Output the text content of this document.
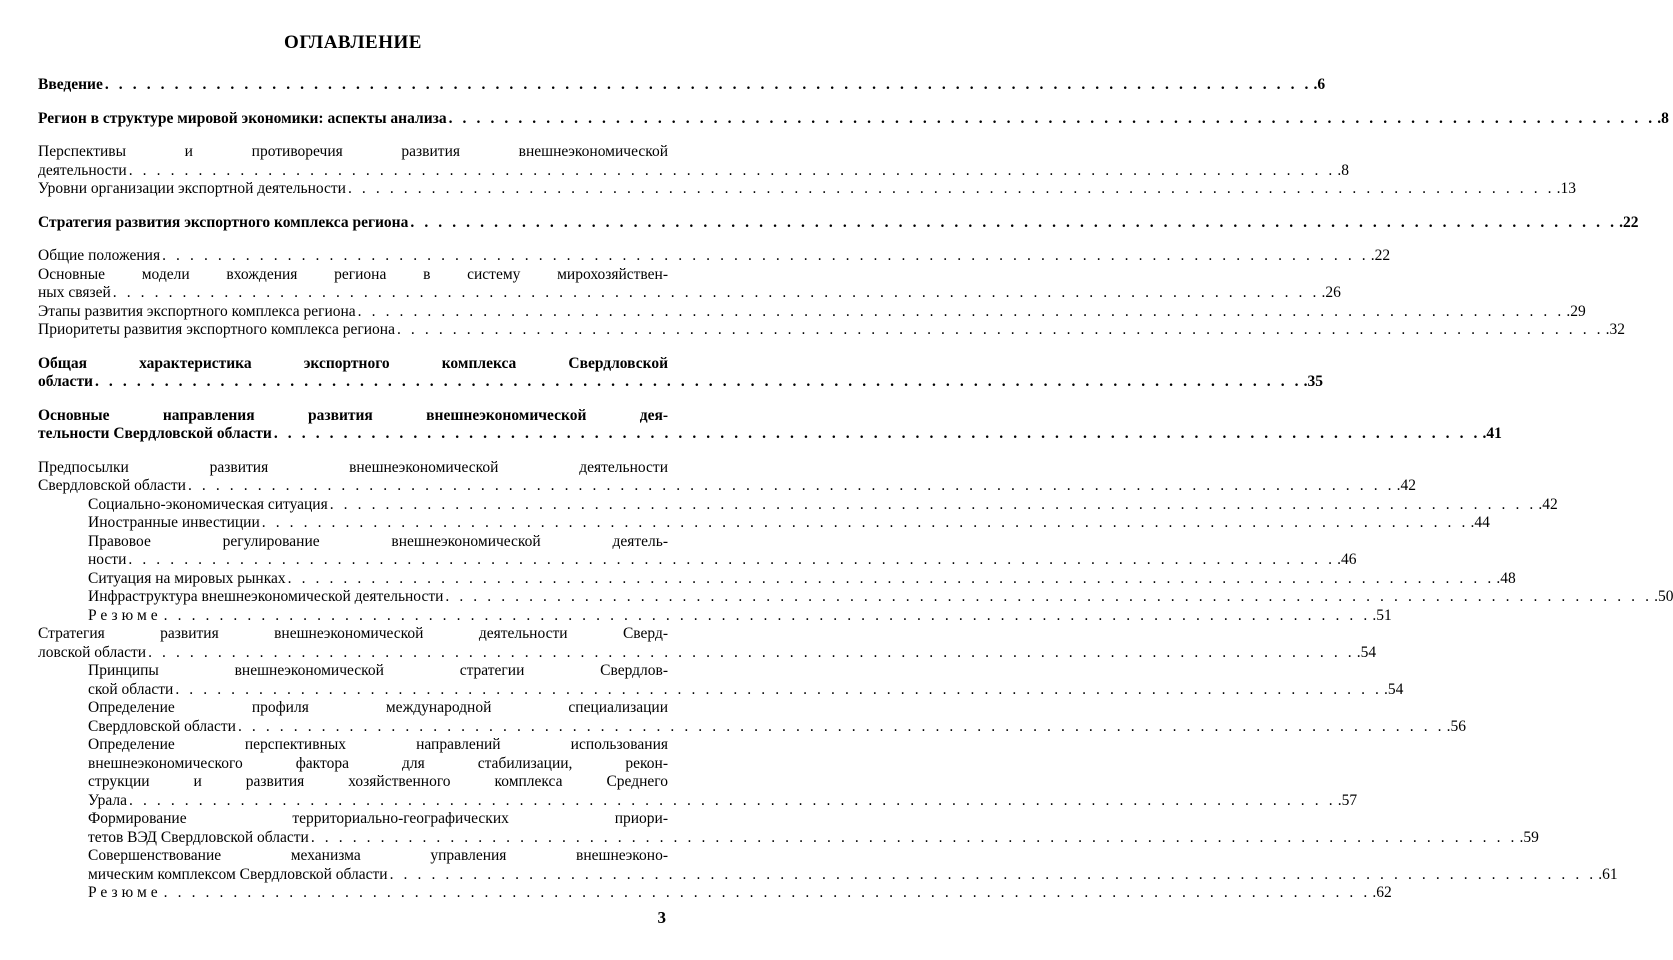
ОГЛАВЛЕНИЕ
Введение . . . . . . . . . . . . . . . . . . . . . . . . . . . . . . . . . . . . . . . . . . . . . . . . . . . . . . . . . . . . . . . . . . . . . . . . . . . . . . . . . . . . . . . .6
Регион в структуре мировой экономики: аспекты анализа . . . . . . . . . . . . . . . . . . . . . . . . . . . . . . . . . . . . . . . . . . . . . . . . . . . . . . . . . . . . . . . . . . . . . . . . . . . . . . . . . . . . . . . .8
Перспективы и противоречия развития внешнеэкономической
деятельности . . . . . . . . . . . . . . . . . . . . . . . . . . . . . . . . . . . . . . . . . . . . . . . . . . . . . . . . . . . . . . . . . . . . . . . . . . . . . . . . . . . . . . . .8
Уровни организации экспортной деятельности . . . . . . . . . . . . . . . . . . . . . . . . . . . . . . . . . . . . . . . . . . . . . . . . . . . . . . . . . . . . . . . . . . . . . . . . . . . . . . . . . . . . . . . .13
Стратегия развития экспортного комплекса региона . . . . . . . . . . . . . . . . . . . . . . . . . . . . . . . . . . . . . . . . . . . . . . . . . . . . . . . . . . . . . . . . . . . . . . . . . . . . . . . . . . . . . . . .22
Общие положения . . . . . . . . . . . . . . . . . . . . . . . . . . . . . . . . . . . . . . . . . . . . . . . . . . . . . . . . . . . . . . . . . . . . . . . . . . . . . . . . . . . . . . . .22
Основные модели вхождения региона в систему мирохозяйствен-
ных связей . . . . . . . . . . . . . . . . . . . . . . . . . . . . . . . . . . . . . . . . . . . . . . . . . . . . . . . . . . . . . . . . . . . . . . . . . . . . . . . . . . . . . . . .26
Этапы развития экспортного комплекса региона . . . . . . . . . . . . . . . . . . . . . . . . . . . . . . . . . . . . . . . . . . . . . . . . . . . . . . . . . . . . . . . . . . . . . . . . . . . . . . . . . . . . . . . .29
Приоритеты развития экспортного комплекса региона . . . . . . . . . . . . . . . . . . . . . . . . . . . . . . . . . . . . . . . . . . . . . . . . . . . . . . . . . . . . . . . . . . . . . . . . . . . . . . . . . . . . . . . .32
Общая характеристика экспортного комплекса Свердловской
области . . . . . . . . . . . . . . . . . . . . . . . . . . . . . . . . . . . . . . . . . . . . . . . . . . . . . . . . . . . . . . . . . . . . . . . . . . . . . . . . . . . . . . . .35
Основные направления развития внешнеэкономической дея-
тельности Свердловской области . . . . . . . . . . . . . . . . . . . . . . . . . . . . . . . . . . . . . . . . . . . . . . . . . . . . . . . . . . . . . . . . . . . . . . . . . . . . . . . . . . . . . . . .41
Предпосылки развития внешнеэкономической деятельности
Свердловской области . . . . . . . . . . . . . . . . . . . . . . . . . . . . . . . . . . . . . . . . . . . . . . . . . . . . . . . . . . . . . . . . . . . . . . . . . . . . . . . . . . . . . . . .42
Социально-экономическая ситуация . . . . . . . . . . . . . . . . . . . . . . . . . . . . . . . . . . . . . . . . . . . . . . . . . . . . . . . . . . . . . . . . . . . . . . . . . . . . . . . . . . . . . . . .42
Иностранные инвестиции . . . . . . . . . . . . . . . . . . . . . . . . . . . . . . . . . . . . . . . . . . . . . . . . . . . . . . . . . . . . . . . . . . . . . . . . . . . . . . . . . . . . . . . .44
Правовое регулирование внешнеэкономической деятель-
ности . . . . . . . . . . . . . . . . . . . . . . . . . . . . . . . . . . . . . . . . . . . . . . . . . . . . . . . . . . . . . . . . . . . . . . . . . . . . . . . . . . . . . . . .46
Ситуация на мировых рынках . . . . . . . . . . . . . . . . . . . . . . . . . . . . . . . . . . . . . . . . . . . . . . . . . . . . . . . . . . . . . . . . . . . . . . . . . . . . . . . . . . . . . . . .48
Инфраструктура внешнеэкономической деятельности . . . . . . . . . . . . . . . . . . . . . . . . . . . . . . . . . . . . . . . . . . . . . . . . . . . . . . . . . . . . . . . . . . . . . . . . . . . . . . . . . . . . . . . .50
Резюме . . . . . . . . . . . . . . . . . . . . . . . . . . . . . . . . . . . . . . . . . . . . . . . . . . . . . . . . . . . . . . . . . . . . . . . . . . . . . . . . . . . . . . . .51
Стратегия развития внешнеэкономической деятельности Сверд-
ловской области . . . . . . . . . . . . . . . . . . . . . . . . . . . . . . . . . . . . . . . . . . . . . . . . . . . . . . . . . . . . . . . . . . . . . . . . . . . . . . . . . . . . . . . .54
Принципы внешнеэкономической стратегии Свердлов-
ской области . . . . . . . . . . . . . . . . . . . . . . . . . . . . . . . . . . . . . . . . . . . . . . . . . . . . . . . . . . . . . . . . . . . . . . . . . . . . . . . . . . . . . . . .54
Определение профиля международной специализации
Свердловской области . . . . . . . . . . . . . . . . . . . . . . . . . . . . . . . . . . . . . . . . . . . . . . . . . . . . . . . . . . . . . . . . . . . . . . . . . . . . . . . . . . . . . . . .56
Определение перспективных направлений использования
внешнеэкономического фактора для стабилизации, рекон-
струкции и развития хозяйственного комплекса Среднего
Урала . . . . . . . . . . . . . . . . . . . . . . . . . . . . . . . . . . . . . . . . . . . . . . . . . . . . . . . . . . . . . . . . . . . . . . . . . . . . . . . . . . . . . . . .57
Формирование территориально-географических приори-
тетов ВЭД Свердловской области . . . . . . . . . . . . . . . . . . . . . . . . . . . . . . . . . . . . . . . . . . . . . . . . . . . . . . . . . . . . . . . . . . . . . . . . . . . . . . . . . . . . . . . .59
Совершенствование механизма управления внешнеэконо-
мическим комплексом Свердловской области . . . . . . . . . . . . . . . . . . . . . . . . . . . . . . . . . . . . . . . . . . . . . . . . . . . . . . . . . . . . . . . . . . . . . . . . . . . . . . . . . . . . . . . .61
Резюме . . . . . . . . . . . . . . . . . . . . . . . . . . . . . . . . . . . . . . . . . . . . . . . . . . . . . . . . . . . . . . . . . . . . . . . . . . . . . . . . . . . . . . . .62
3
